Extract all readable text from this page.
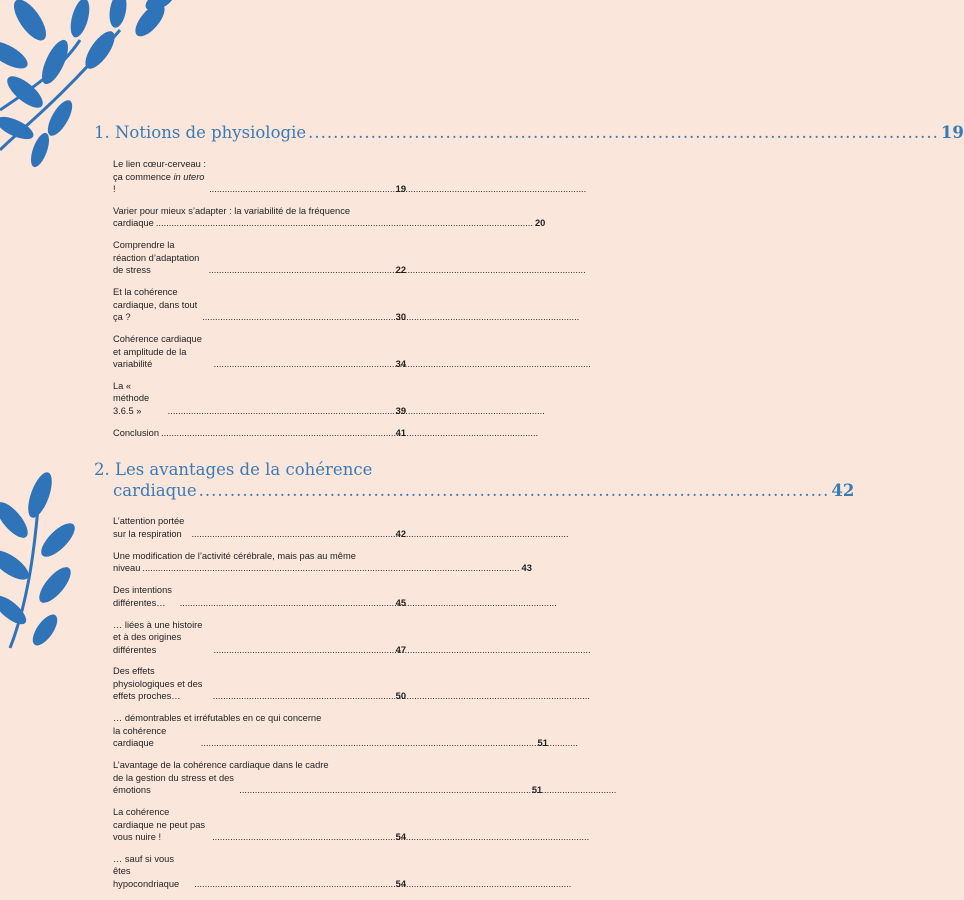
1. Notions de physiologie .....	19
Le lien cœur-cerveau : ça commence in utero ! .....	19
Varier pour mieux s’adapter : la variabilité de la fréquence
cardiaque .....	20
Comprendre la réaction d’adaptation de stress .....	22
Et la cohérence cardiaque, dans tout ça ? .....	30
Cohérence cardiaque et amplitude de la variabilité .....	34
La « méthode 3.6.5 » .....	39
Conclusion .....	41
2. Les avantages de la cohérence
cardiaque .....	42
L’attention portée sur la respiration .....	42
Une modification de l’activité cérébrale, mais pas au même
niveau .....	43
Des intentions différentes… .....	45
… liées à une histoire et à des origines différentes .....	47
Des effets physiologiques et des effets proches… .....	50
… démontrables et irréfutables en ce qui concerne
la cohérence cardiaque .....	51
L’avantage de la cohérence cardiaque dans le cadre
de la gestion du stress et des émotions .....	51
La cohérence cardiaque ne peut pas vous nuire ! .....	54
… sauf si vous êtes hypocondriaque .....	54
